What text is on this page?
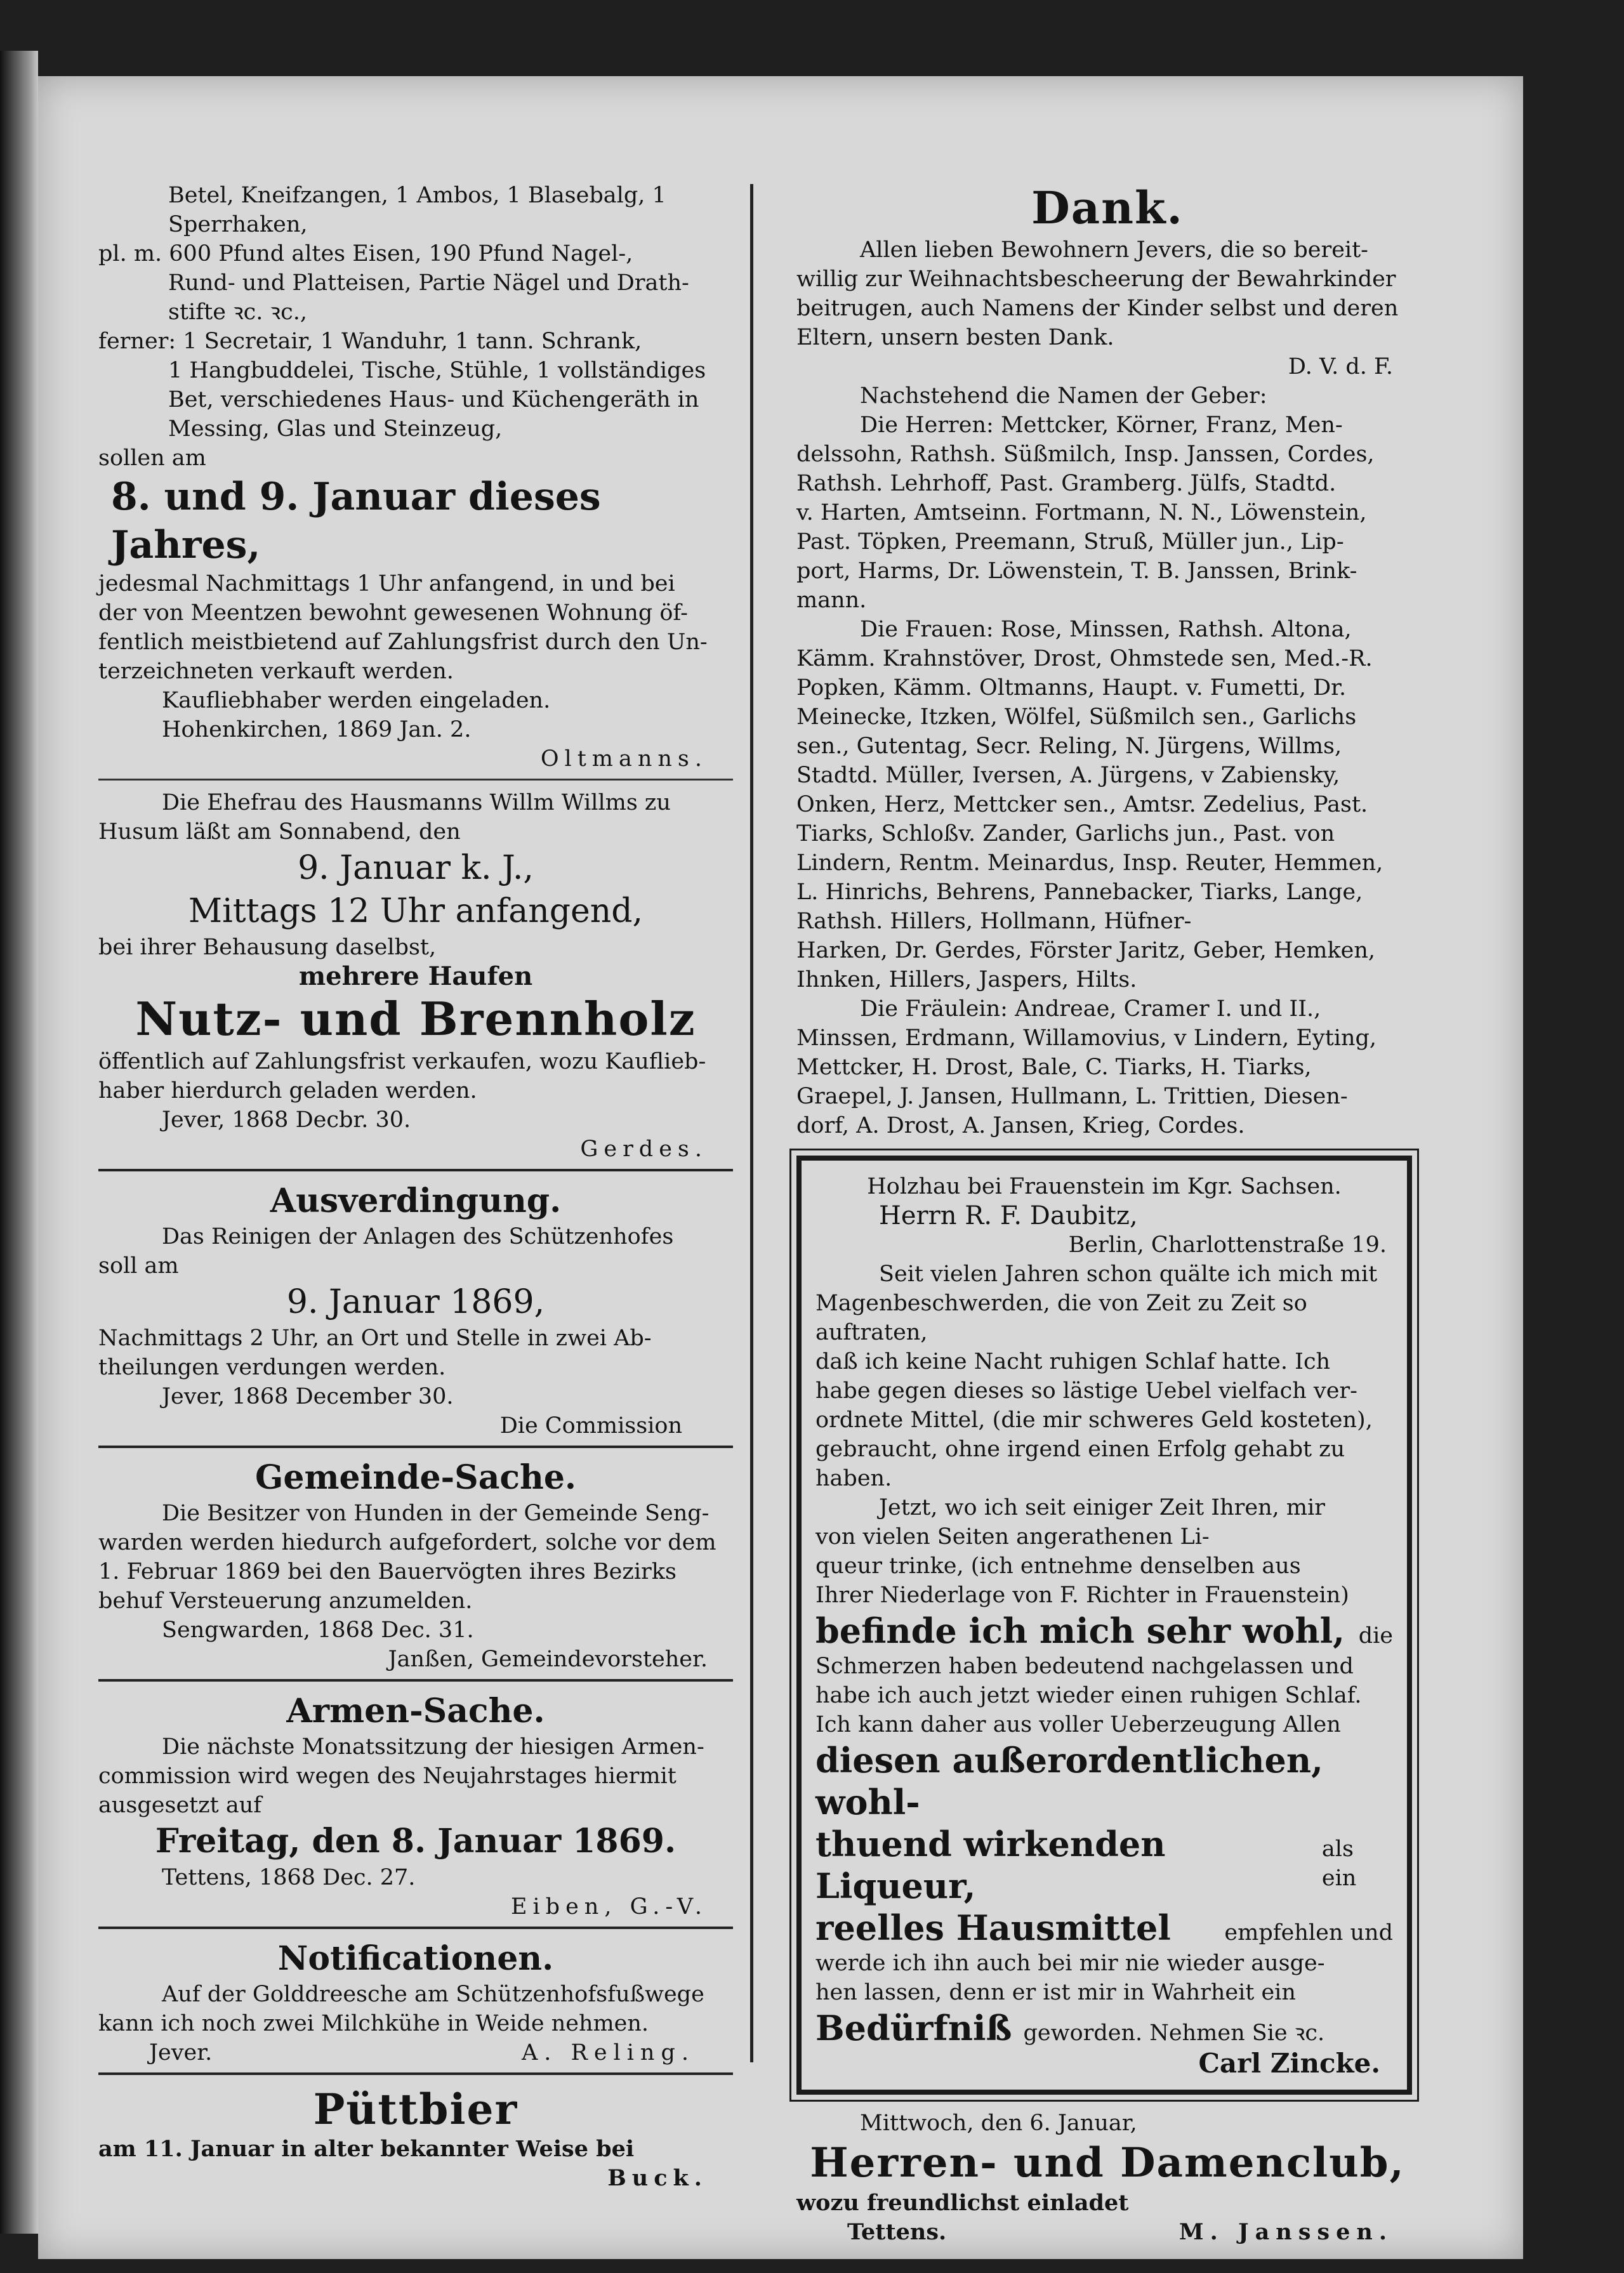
Betel, Kneifzangen, 1 Ambos, 1 Blasebalg, 1

Sperrhaken,

pl. m. 600 Pfund altes Eisen, 190 Pfund Nagel-,

Rund- und Platteisen, Partie Nägel und Drath-

stifte ꝛc. ꝛc.,

ferner: 1 Secretair, 1 Wanduhr, 1 tann. Schrank,

1 Hangbuddelei, Tische, Stühle, 1 vollständiges

Bet, verschiedenes Haus- und Küchengeräth in

Messing, Glas und Steinzeug,

sollen am

8. und 9. Januar dieses Jahres,

jedesmal Nachmittags 1 Uhr anfangend, in und bei

der von Meentzen bewohnt gewesenen Wohnung öf-

fentlich meistbietend auf Zahlungsfrist durch den Un-

terzeichneten verkauft werden.

Kaufliebhaber werden eingeladen.

Hohenkirchen, 1869 Jan. 2.

Oltmanns.

Die Ehefrau des Hausmanns Willm Willms zu

Husum läßt am Sonnabend, den

9. Januar k. J.,

Mittags 12 Uhr anfangend,

bei ihrer Behausung daselbst,

mehrere Haufen

Nutz- und Brennholz

öffentlich auf Zahlungsfrist verkaufen, wozu Kauflieb-

haber hierdurch geladen werden.

Jever, 1868 Decbr. 30.

Gerdes.

Ausverdingung.

Das Reinigen der Anlagen des Schützenhofes

soll am

9. Januar 1869,

Nachmittags 2 Uhr, an Ort und Stelle in zwei Ab-

theilungen verdungen werden.

Jever, 1868 December 30.

Die Commission

Gemeinde-Sache.

Die Besitzer von Hunden in der Gemeinde Seng-

warden werden hiedurch aufgefordert, solche vor dem

1. Februar 1869 bei den Bauervögten ihres Bezirks

behuf Versteuerung anzumelden.

Sengwarden, 1868 Dec. 31.

Janßen, Gemeindevorsteher.

Armen-Sache.

Die nächste Monatssitzung der hiesigen Armen-

commission wird wegen des Neujahrstages hiermit

ausgesetzt auf

Freitag, den 8. Januar 1869.

Tettens, 1868 Dec. 27.

Eiben, G.-V.

Notificationen.

Auf der Golddreesche am Schützenhofsfußwege

kann ich noch zwei Milchkühe in Weide nehmen.

Jever.	A. Reling.

Püttbier

am 11. Januar in alter bekannter Weise bei

Buck.

Dank.

Allen lieben Bewohnern Jevers, die so bereit-

willig zur Weihnachtsbescheerung der Bewahrkinder

beitrugen, auch Namens der Kinder selbst und deren

Eltern, unsern besten Dank.

D. V. d. F.

Nachstehend die Namen der Geber:

Die Herren: Mettcker, Körner, Franz, Men-

delssohn, Rathsh. Süßmilch, Insp. Janssen, Cordes,

Rathsh. Lehrhoff, Past. Gramberg. Jülfs, Stadtd.

v. Harten, Amtseinn. Fortmann, N. N., Löwenstein,

Past. Töpken, Preemann, Struß, Müller jun., Lip-

port, Harms, Dr. Löwenstein, T. B. Janssen, Brink-

mann.

Die Frauen: Rose, Minssen, Rathsh. Altona,

Kämm. Krahnstöver, Drost, Ohmstede sen, Med.-R.

Popken, Kämm. Oltmanns, Haupt. v. Fumetti, Dr.

Meinecke, Itzken, Wölfel, Süßmilch sen., Garlichs

sen., Gutentag, Secr. Reling, N. Jürgens, Willms,

Stadtd. Müller, Iversen, A. Jürgens, v Zabiensky,

Onken, Herz, Mettcker sen., Amtsr. Zedelius, Past.

Tiarks, Schloßv. Zander, Garlichs jun., Past. von

Lindern, Rentm. Meinardus, Insp. Reuter, Hemmen,

L. Hinrichs, Behrens, Pannebacker, Tiarks, Lange,

Rathsh. Hillers, Hollmann, Hüfner-

Harken, Dr. Gerdes, Förster Jaritz, Geber, Hemken,

Ihnken, Hillers, Jaspers, Hilts.

Die Fräulein: Andreae, Cramer I. und II.,

Minssen, Erdmann, Willamovius, v Lindern, Eyting,

Mettcker, H. Drost, Bale, C. Tiarks, H. Tiarks,

Graepel, J. Jansen, Hullmann, L. Trittien, Diesen-

dorf, A. Drost, A. Jansen, Krieg, Cordes.

Holzhau bei Frauenstein im Kgr. Sachsen.

Herrn R. F. Daubitz,

Berlin, Charlottenstraße 19.

Seit vielen Jahren schon quälte ich mich mit

Magenbeschwerden, die von Zeit zu Zeit so auftraten,

daß ich keine Nacht ruhigen Schlaf hatte. Ich

habe gegen dieses so lästige Uebel vielfach ver-

ordnete Mittel, (die mir schweres Geld kosteten),

gebraucht, ohne irgend einen Erfolg gehabt zu

haben.

Jetzt, wo ich seit einiger Zeit Ihren, mir

von vielen Seiten angerathenen Li-

queur trinke, (ich entnehme denselben aus

Ihrer Niederlage von F. Richter in Frauenstein)

befinde ich mich sehr wohl, die

Schmerzen haben bedeutend nachgelassen und

habe ich auch jetzt wieder einen ruhigen Schlaf.

Ich kann daher aus voller Ueberzeugung Allen

diesen außerordentlichen, wohl-

thuend wirkenden Liqueur,
als ein
reelles Hausmittel empfehlen und

werde ich ihn auch bei mir nie wieder ausge-

hen lassen, denn er ist mir in Wahrheit ein

Bedürfniß geworden. Nehmen Sie ꝛc.

Carl Zincke.

Mittwoch, den 6. Januar,

Herren- und Damenclub,

wozu freundlichst einladet

Tettens.	M. Janssen.
